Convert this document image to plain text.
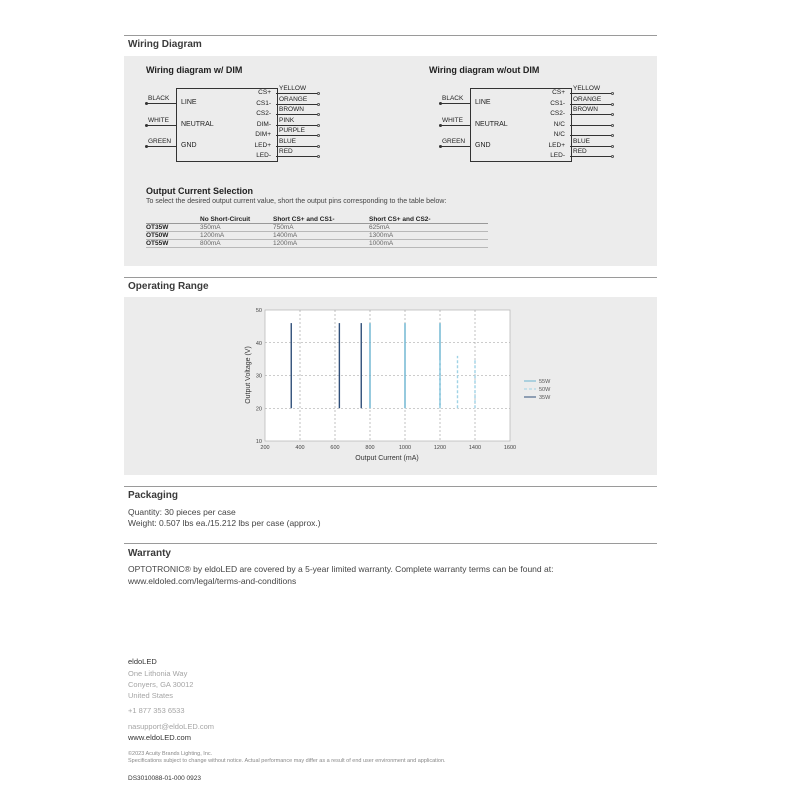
Wiring Diagram
Wiring diagram w/ DIM
BLACK
LINE
WHITE
NEUTRAL
GREEN
GND
CS+
YELLOW
CS1-
ORANGE
CS2-
BROWN
DIM-
PINK
DIM+
PURPLE
LED+
BLUE
LED-
RED
Wiring diagram w/out DIM
BLACK
LINE
WHITE
NEUTRAL
GREEN
GND
CS+
YELLOW
CS1-
ORANGE
CS2-
BROWN
N/C
N/C
LED+
BLUE
LED-
RED
Output Current Selection
To select the desired output current value, short the output pins corresponding to the table below:
	No Short-Circuit	Short CS+ and CS1-	Short CS+ and CS2-
OT35W	350mA	750mA	625mA
OT50W	1200mA	1400mA	1300mA
OT55W	800mA	1200mA	1000mA
Operating Range
200	400	600	800	1000	1200	1400	1600
10
20
30
40
50
Output Current (mA)
Output Voltage (V)	55W
50W
35W
Packaging
Quantity: 30 pieces per case
Weight: 0.507 lbs ea./15.212 lbs per case (approx.)
Warranty
OPTOTRONIC® by eldoLED are covered by a 5-year limited warranty. Complete warranty terms can be found at:
www.eldoled.com/legal/terms-and-conditions
eldoLED
One Lithonia Way
Conyers, GA 30012
United States
+1 877 353 6533
nasupport@eldoLED.com
www.eldoLED.com
©2023 Acuity Brands Lighting, Inc.
Specifications subject to change without notice. Actual performance may differ as a result of end user environment and application.
DS3010088-01-000 0923
